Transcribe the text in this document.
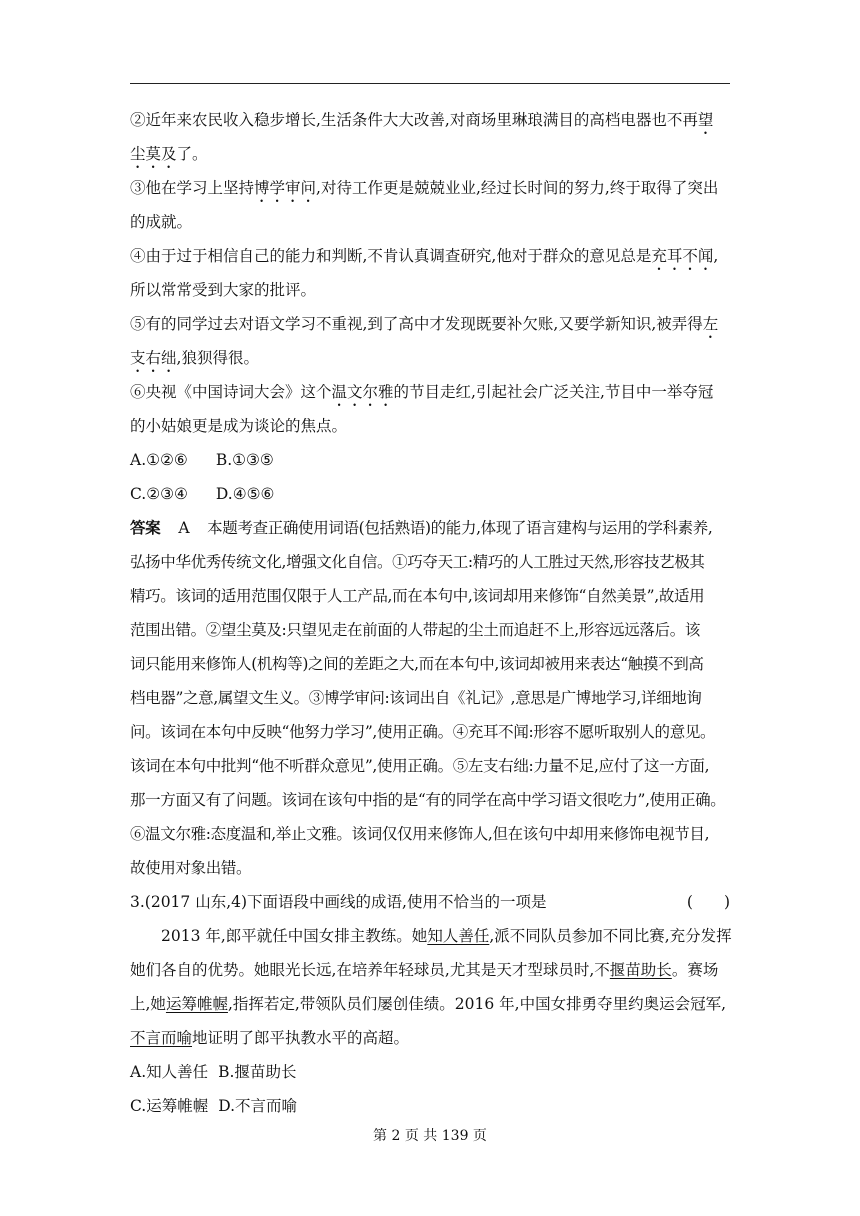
②近年来农民收入稳步增长,生活条件大大改善,对商场里琳琅满目的高档电器也不再望
尘莫及了。
③他在学习上坚持博学审问,对待工作更是兢兢业业,经过长时间的努力,终于取得了突出
的成就。
④由于过于相信自己的能力和判断,不肯认真调查研究,他对于群众的意见总是充耳不闻,
所以常常受到大家的批评。
⑤有的同学过去对语文学习不重视,到了高中才发现既要补欠账,又要学新知识,被弄得左
支右绌,狼狈得很。
⑥央视《中国诗词大会》这个温文尔雅的节目走红,引起社会广泛关注,节目中一举夺冠
的小姑娘更是成为谈论的焦点。
A.①②⑥ B.①③⑤
C.②③④ D.④⑤⑥
答案 A 本题考查正确使用词语(包括熟语)的能力,体现了语言建构与运用的学科素养,
弘扬中华优秀传统文化,增强文化自信。①巧夺天工:精巧的人工胜过天然,形容技艺极其
精巧。该词的适用范围仅限于人工产品,而在本句中,该词却用来修饰“自然美景”,故适用
范围出错。②望尘莫及:只望见走在前面的人带起的尘土而追赶不上,形容远远落后。该
词只能用来修饰人(机构等)之间的差距之大,而在本句中,该词却被用来表达“触摸不到高
档电器”之意,属望文生义。③博学审问:该词出自《礼记》,意思是广博地学习,详细地询
问。该词在本句中反映“他努力学习”,使用正确。④充耳不闻:形容不愿听取别人的意见。
该词在本句中批判“他不听群众意见”,使用正确。⑤左支右绌:力量不足,应付了这一方面,
那一方面又有了问题。该词在该句中指的是“有的同学在高中学习语文很吃力”,使用正确。
⑥温文尔雅:态度温和,举止文雅。该词仅仅用来修饰人,但在该句中却用来修饰电视节目,
故使用对象出错。
3.(2017 山东,4)下面语段中画线的成语,使用不恰当的一项是	(　　)
2013 年,郎平就任中国女排主教练。她知人善任,派不同队员参加不同比赛,充分发挥
她们各自的优势。她眼光长远,在培养年轻球员,尤其是天才型球员时,不揠苗助长。赛场
上,她运筹帷幄,指挥若定,带领队员们屡创佳绩。2016 年,中国女排勇夺里约奥运会冠军,
不言而喻地证明了郎平执教水平的高超。
A.知人善任 B.揠苗助长
C.运筹帷幄 D.不言而喻
第 2 页 共 139 页
